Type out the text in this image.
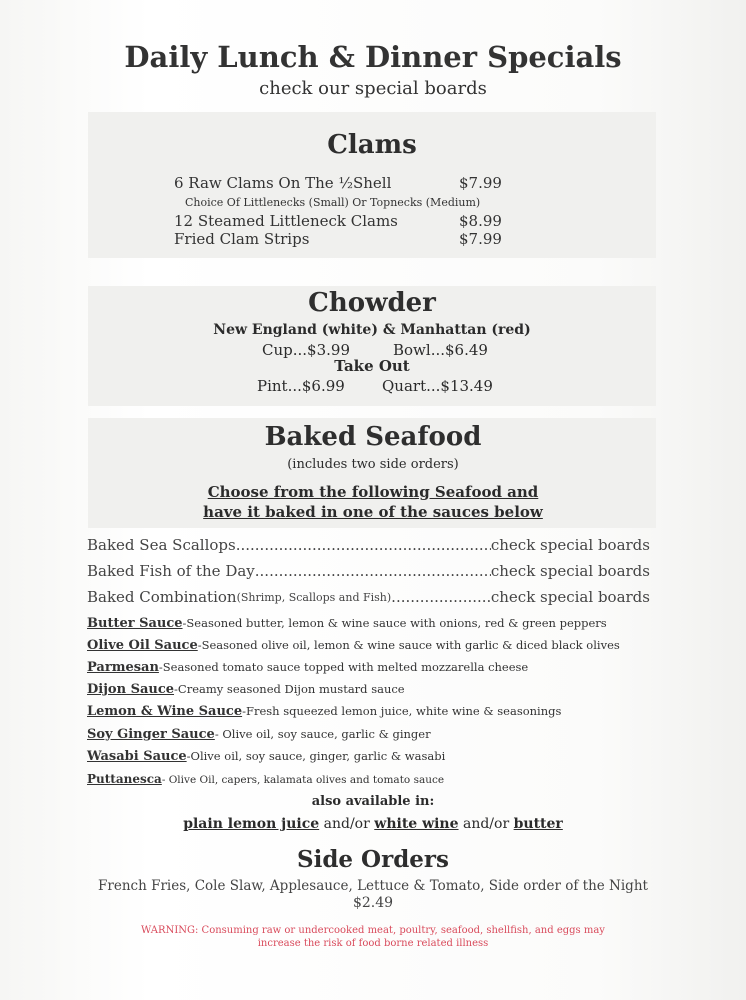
Daily Lunch & Dinner Specials
check our special boards
Clams
6 Raw Clams On The ½Shell	$7.99
Choice Of Littlenecks (Small) Or Topnecks (Medium)
12 Steamed Littleneck Clams	$8.99
Fried Clam Strips	$7.99
Chowder
New England (white) & Manhattan (red)
Cup...$3.99	Bowl...$6.49
Take Out
Pint...$6.99 Quart...$13.49
Baked Seafood
(includes two side orders)
Choose from the following Seafood and
have it baked in one of the sauces below
Baked Sea Scallops .....	check special boards
Baked Fish of the Day .....	check special boards
Baked Combination (Shrimp, Scallops and Fish) .....	check special boards
Butter Sauce-Seasoned butter, lemon & wine sauce with onions, red & green peppers
Olive Oil Sauce-Seasoned olive oil, lemon & wine sauce with garlic & diced black olives
Parmesan-Seasoned tomato sauce topped with melted mozzarella cheese
Dijon Sauce-Creamy seasoned Dijon mustard sauce
Lemon & Wine Sauce-Fresh squeezed lemon juice, white wine & seasonings
Soy Ginger Sauce- Olive oil, soy sauce, garlic & ginger
Wasabi Sauce-Olive oil, soy sauce, ginger, garlic & wasabi
Puttanesca- Olive Oil, capers, kalamata olives and tomato sauce
also available in:
plain lemon juice and/or white wine and/or butter
Side Orders
French Fries, Cole Slaw, Applesauce, Lettuce & Tomato, Side order of the Night
$2.49
WARNING: Consuming raw or undercooked meat, poultry, seafood, shellfish, and eggs may
increase the risk of food borne related illness
